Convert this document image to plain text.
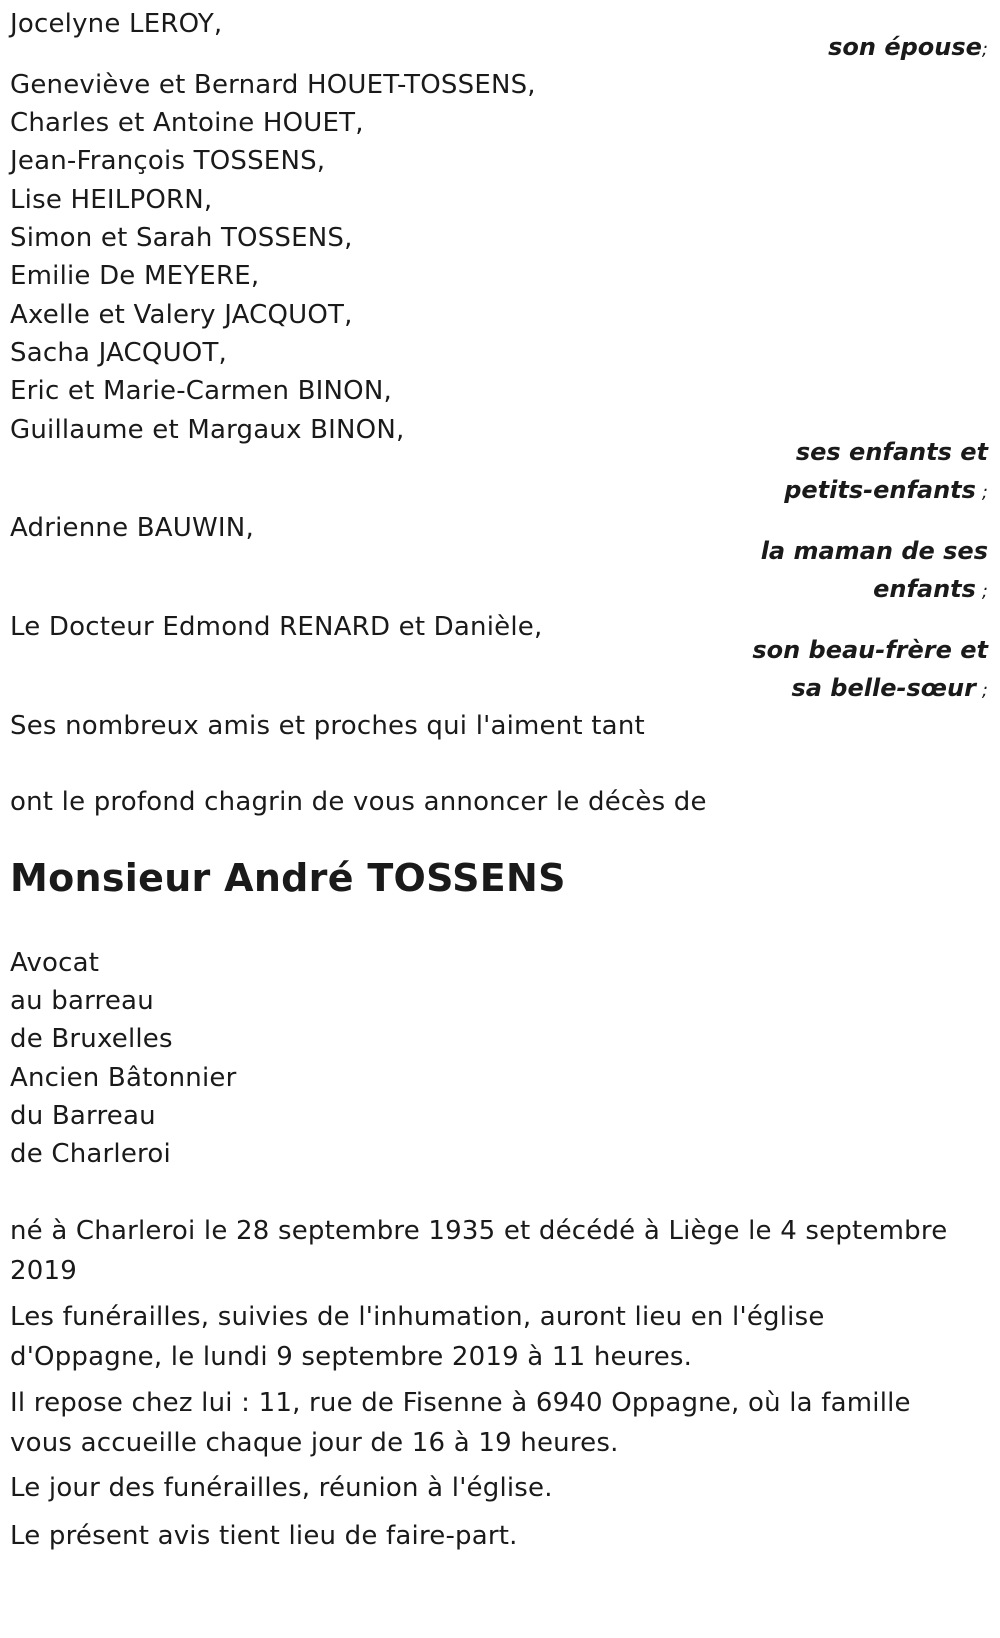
Jocelyne LEROY,
son épouse;
Geneviève et Bernard HOUET-TOSSENS,
Charles et Antoine HOUET,
Jean-François TOSSENS,
Lise HEILPORN,
Simon et Sarah TOSSENS,
Emilie De MEYERE,
Axelle et Valery JACQUOT,
Sacha JACQUOT,
Eric et Marie-Carmen BINON,
Guillaume et Margaux BINON,
ses enfants et
petits-enfants ;
Adrienne BAUWIN,
la maman de ses
enfants ;
Le Docteur Edmond RENARD et Danièle,
son beau-frère et
sa belle-sœur ;
Ses nombreux amis et proches qui l'aiment tant
ont le profond chagrin de vous annoncer le décès de
Monsieur André TOSSENS
Avocat
au barreau
de Bruxelles
Ancien Bâtonnier
du Barreau
de Charleroi
né à Charleroi le 28 septembre 1935 et décédé à Liège le 4 septembre 2019
Les funérailles, suivies de l'inhumation, auront lieu en l'église d'Oppagne, le lundi 9 septembre 2019 à 11 heures.
Il repose chez lui : 11, rue de Fisenne à 6940 Oppagne, où la famille vous accueille chaque jour de 16 à 19 heures.
Le jour des funérailles, réunion à l'église.
Le présent avis tient lieu de faire-part.
